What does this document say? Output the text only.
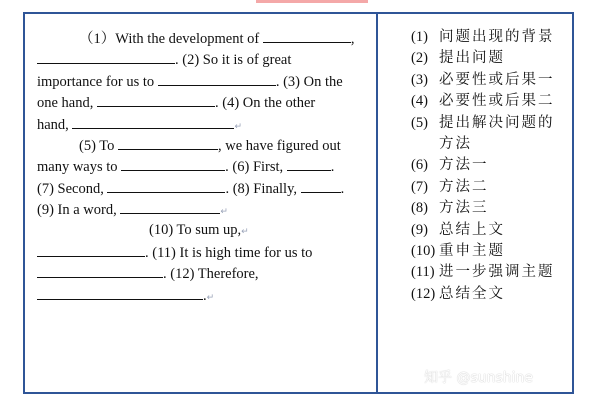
（1）With the development of	,
. (2) So it is of great
importance for us to	. (3) On the
one hand,	. (4) On the other
hand,	↵
(5) To	, we have figured out
many ways to	. (6) First,	.
(7) Second,	. (8) Finally,	.
(9) In a word,	↵
(10) To sum up,↵
. (11) It is high time for us to
. (12) Therefore,
.↵
(1) 问题出现的背景
(2) 提出问题
(3) 必要性或后果一
(4) 必要性或后果二
(5) 提出解决问题的方法
(6) 方法一
(7) 方法二
(8) 方法三
(9) 总结上文
(10) 重申主题
(11) 进一步强调主题
(12) 总结全文
知乎 @sunshine
